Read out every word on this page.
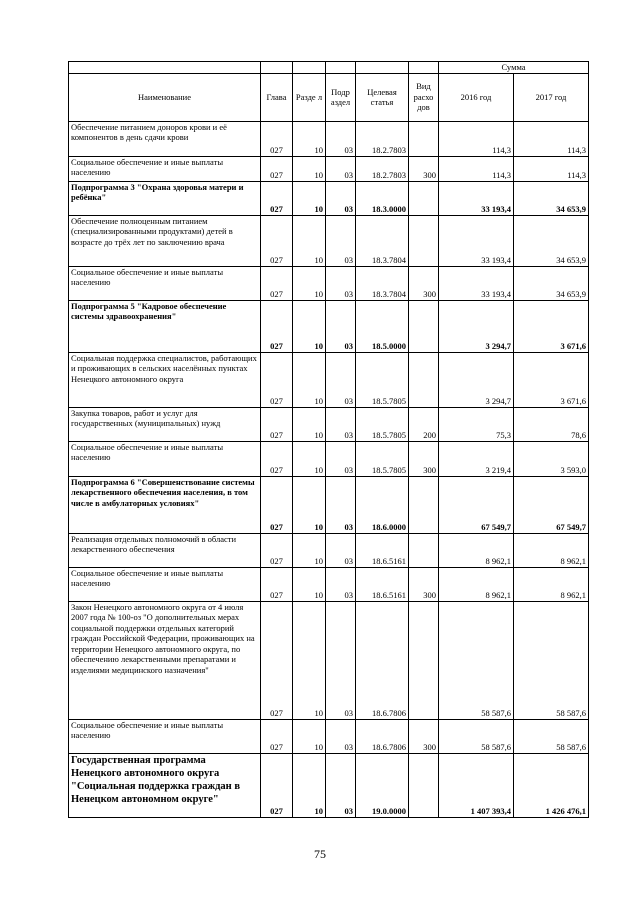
						Сумма	
Наименование	Глава	Разде л	Подр аздел	Целевая статья	Вид расхо дов	2016 год	2017 год
Обеспечение питанием доноров крови и её компонентов в день сдачи крови	027	10	03	18.2.7803		114,3	114,3
Социальное обеспечение и иные выплаты населению	027	10	03	18.2.7803	300	114,3	114,3
Подпрограмма 3 "Охрана здоровья матери и ребёнка"	027	10	03	18.3.0000		33 193,4	34 653,9
Обеспечение полноценным питанием (специализированными продуктами) детей в возрасте до трёх лет по заключению врача	027	10	03	18.3.7804		33 193,4	34 653,9
Социальное обеспечение и иные выплаты населению	027	10	03	18.3.7804	300	33 193,4	34 653,9
Подпрограмма 5 "Кадровое обеспечение системы здравоохранения"	027	10	03	18.5.0000		3 294,7	3 671,6
Социальная поддержка специалистов, работающих и проживающих в сельских населённых пунктах Ненецкого автономного округа	027	10	03	18.5.7805		3 294,7	3 671,6
Закупка товаров, работ и услуг для государственных (муниципальных) нужд	027	10	03	18.5.7805	200	75,3	78,6
Социальное обеспечение и иные выплаты населению	027	10	03	18.5.7805	300	3 219,4	3 593,0
Подпрограмма 6 "Совершенствование системы лекарственного обеспечения населения, в том числе в амбулаторных условиях"	027	10	03	18.6.0000		67 549,7	67 549,7
Реализация отдельных полномочий в области лекарственного обеспечения	027	10	03	18.6.5161		8 962,1	8 962,1
Социальное обеспечение и иные выплаты населению	027	10	03	18.6.5161	300	8 962,1	8 962,1
Закон Ненецкого автономного округа от 4 июля 2007 года № 100-оз "О дополнительных мерах социальной поддержки отдельных категорий граждан Российской Федерации, проживающих на территории Ненецкого автономного округа, по обеспечению лекарственными препаратами и изделиями медицинского назначения"	027	10	03	18.6.7806		58 587,6	58 587,6
Социальное обеспечение и иные выплаты населению	027	10	03	18.6.7806	300	58 587,6	58 587,6
Государственная программа Ненецкого автономного округа "Социальная поддержка граждан в Ненецком автономном округе"	027	10	03	19.0.0000		1 407 393,4	1 426 476,1
75
